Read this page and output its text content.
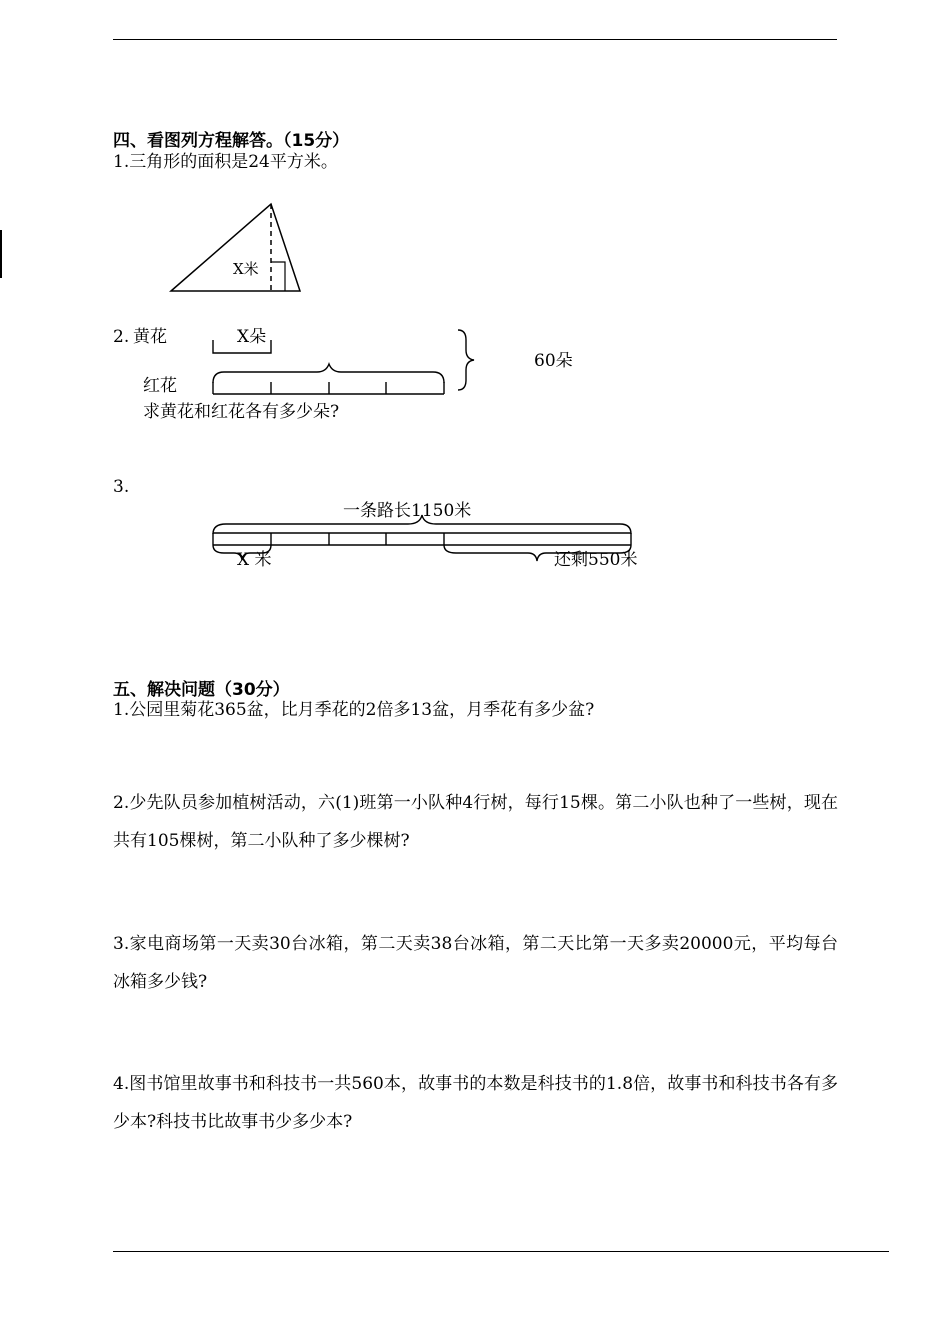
四、看图列方程解答。（15分）
1.三角形的面积是24平方米。
X米
2. 黄花	X朵
红花
60朵
求黄花和红花各有多少朵?
3.
一条路长1150米
X 米	还剩550米
五、解决问题（30分）
1.公园里菊花365盆，比月季花的2倍多13盆，月季花有多少盆?
2.少先队员参加植树活动，六(1)班第一小队种4行树，每行15棵。第二小队也种了一些树，现在共有105棵树，第二小队种了多少棵树?
3.家电商场第一天卖30台冰箱，第二天卖38台冰箱，第二天比第一天多卖20000元，平均每台冰箱多少钱?
4.图书馆里故事书和科技书一共560本，故事书的本数是科技书的1.8倍，故事书和科技书各有多少本?科技书比故事书少多少本?
